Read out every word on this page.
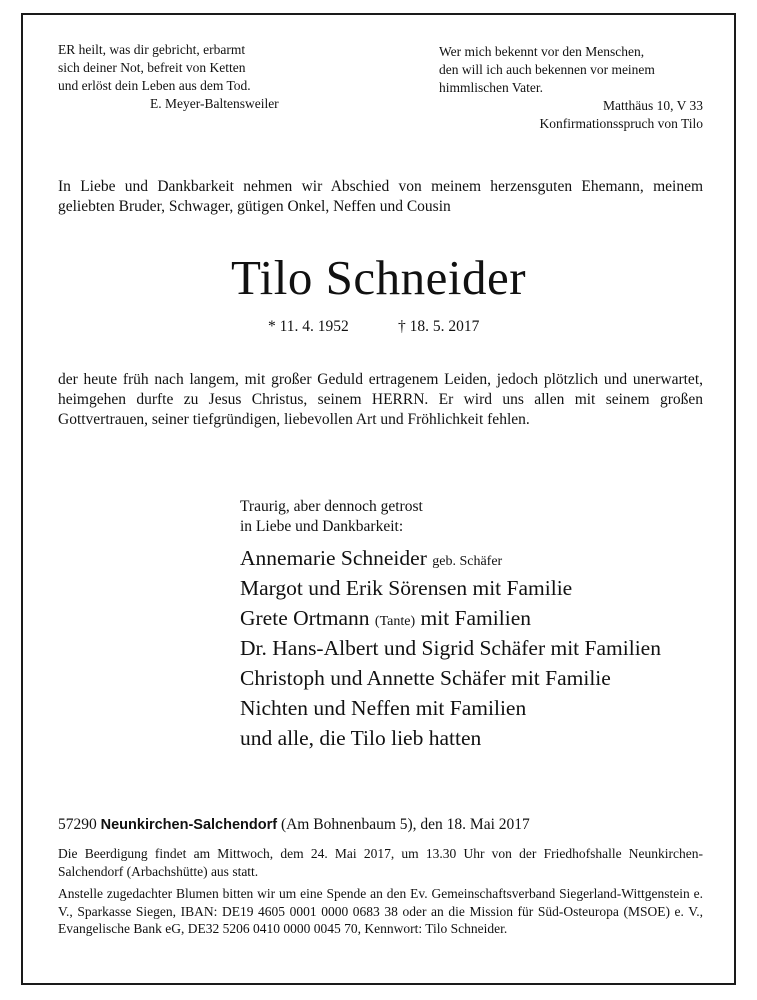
ER heilt, was dir gebricht, erbarmt
sich deiner Not, befreit von Ketten
und erlöst dein Leben aus dem Tod.
E. Meyer-Baltensweiler
Wer mich bekennt vor den Menschen,
den will ich auch bekennen vor meinem
himmlischen Vater.
Matthäus 10, V 33
Konfirmationsspruch von Tilo
In Liebe und Dankbarkeit nehmen wir Abschied von meinem herzensguten Ehemann, meinem geliebten Bruder, Schwager, gütigen Onkel, Neffen und Cousin
Tilo Schneider
* 11. 4. 1952	† 18. 5. 2017
der heute früh nach langem, mit großer Geduld ertragenem Leiden, jedoch plötzlich und unerwartet, heimgehen durfte zu Jesus Christus, seinem HERRN. Er wird uns allen mit seinem großen Gottvertrauen, seiner tiefgründigen, liebevollen Art und Fröhlichkeit fehlen.
Traurig, aber dennoch getrost
in Liebe und Dankbarkeit:
Annemarie Schneider geb. Schäfer
Margot und Erik Sörensen mit Familie
Grete Ortmann (Tante) mit Familien
Dr. Hans-Albert und Sigrid Schäfer mit Familien
Christoph und Annette Schäfer mit Familie
Nichten und Neffen mit Familien
und alle, die Tilo lieb hatten
57290 Neunkirchen-Salchendorf (Am Bohnenbaum 5), den 18. Mai 2017
Die Beerdigung findet am Mittwoch, dem 24. Mai 2017, um 13.30 Uhr von der Friedhofshalle Neunkirchen-Salchendorf (Arbachshütte) aus statt.
Anstelle zugedachter Blumen bitten wir um eine Spende an den Ev. Gemeinschaftsverband Siegerland-Wittgenstein e. V., Sparkasse Siegen, IBAN: DE19 4605 0001 0000 0683 38 oder an die Mission für Süd-Osteuropa (MSOE) e. V., Evangelische Bank eG, DE32 5206 0410 0000 0045 70, Kennwort: Tilo Schneider.
